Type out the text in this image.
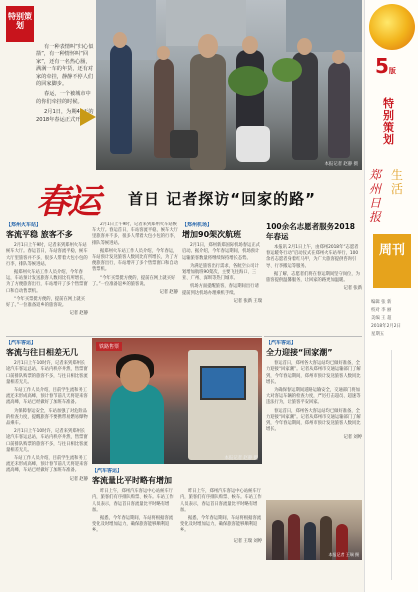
特别策划

有一种表情叫“归心似箭”，有一种情怀叫“回家”，还有一名热心肠，满满一车的年货，还有对家的牵挂，静静不停人们的回家脚步。

春运，一个被城市中的你们牵挂的时候。

2月1日，为期40天的2018年春运正式开始。

本报记者 赵静 摄
春运 首日 记者探访“回家的路”
【郑州火车站】
客流平稳 旅客不多

2月1日上午9时，记者来到郑州火车站候车大厅。春运首日，车站客流平稳，候车大厅里旅客并不多，很多人带着大包小包的行李，排队等候进站。

据郑州火车站工作人员介绍，今年春运，车站预计发送旅客人数同比有所增长，为了方便旅客出行，车站增开了多个售票窗口和自动售票机。

“今年买票挺方便的，提前在网上就买好了。”一位准备返乡的旅客说。

记者 赵静

2月1日上午9时，记者来到郑州火车站候车大厅。春运首日，车站客流平稳，候车大厅里旅客并不多，很多人带着大包小包的行李，排队等候进站。

据郑州火车站工作人员介绍，今年春运，车站预计发送旅客人数同比有所增长，为了方便旅客出行，车站增开了多个售票窗口和自动售票机。

“今年买票挺方便的，提前在网上就买好了。”一位准备返乡的旅客说。

记者 赵静
【郑州机场】
增加90架次航班

2月1日，郑州新郑国际机场春运正式启动。据介绍，今年春运期间，机场预计运输旅客数量将继续保持增长态势。

为满足旅客出行需求，各航空公司计划增加航班90架次，主要飞往海口、三亚、广州、深圳等热门城市。

机场方面提醒旅客，春运期间出行请提前到达机场办理乘机手续。

记者 张新 王瑞
100余名志愿者服务2018年春运

本报讯 2月1日上午，由郑州2018年“志愿者春运暖冬行动”启动仪式在郑州火车站举行，100余名志愿者身着红马甲，为广大旅客提供咨询引导、行李搬运等服务。

据了解，志愿者们将在春运期间坚守岗位，为旅客提供温馨服务，让回家的路更加温暖。

记者 张新
【汽车客运】
客流与往日相差无几

2月1日上午10时许，记者来到郑州长途汽车客运总站，车站内秩序井然，售票窗口前排队购票的旅客不多，与往日相比客流量相差无几。

车站工作人员介绍，目前学生流和务工流还未形成高峰，预计春节前几天将迎来客流高峰，车站已经做好了加班车准备。

为保障春运安全，车站加强了对危险品的检查力度，提醒旅客不要携带易燃易爆物品乘车。

2月1日上午10时许，记者来到郑州长途汽车客运总站，车站内秩序井然，售票窗口前排队购票的旅客不多，与往日相比客流量相差无几。

车站工作人员介绍，目前学生流和务工流还未形成高峰，预计春节前几天将迎来客流高峰，车站已经做好了加班车准备。

记者 赵静
铁路售票
本报记者 赵静 摄
【汽车客运】
全力迎接“回家潮”

春运首日，郑州各大客运站均已做好准备，全力迎接“回家潮”。记者从郑州市交通运输部门了解到，今年春运期间，郑州市预计发送旅客人数同比增长。

为确保春运期间道路运输安全，交通部门将加大对客运车辆的检查力度，严厉打击超员、超速等违法行为，让旅客平安回家。

春运首日，郑州各大客运站均已做好准备，全力迎接“回家潮”。记者从郑州市交通运输部门了解到，今年春运期间，郑州市预计发送旅客人数同比增长。

记者 刘婷
【汽车客运】
客流量比平时略有增加

昨日上午，郑州汽车客运中心站候车厅内，旅客们有序排队购票、候车。车站工作人员表示，春运首日客流量比平时略有增加。

据悉，今年春运期间，车站将根据客流变化及时增加运力，确保旅客能够顺利返乡。

昨日上午，郑州汽车客运中心站候车厅内，旅客们有序排队购票、候车。车站工作人员表示，春运首日客流量比平时略有增加。

据悉，今年春运期间，车站将根据客流变化及时增加运力，确保旅客能够顺利返乡。

记者 王瑞 刘婷
本报记者 王瑞 摄
5版
特别策划
郑州日报
生活
周刊
编辑 张 新
校对 李 丽
美编 王 超
2018年2月2日
星期五
